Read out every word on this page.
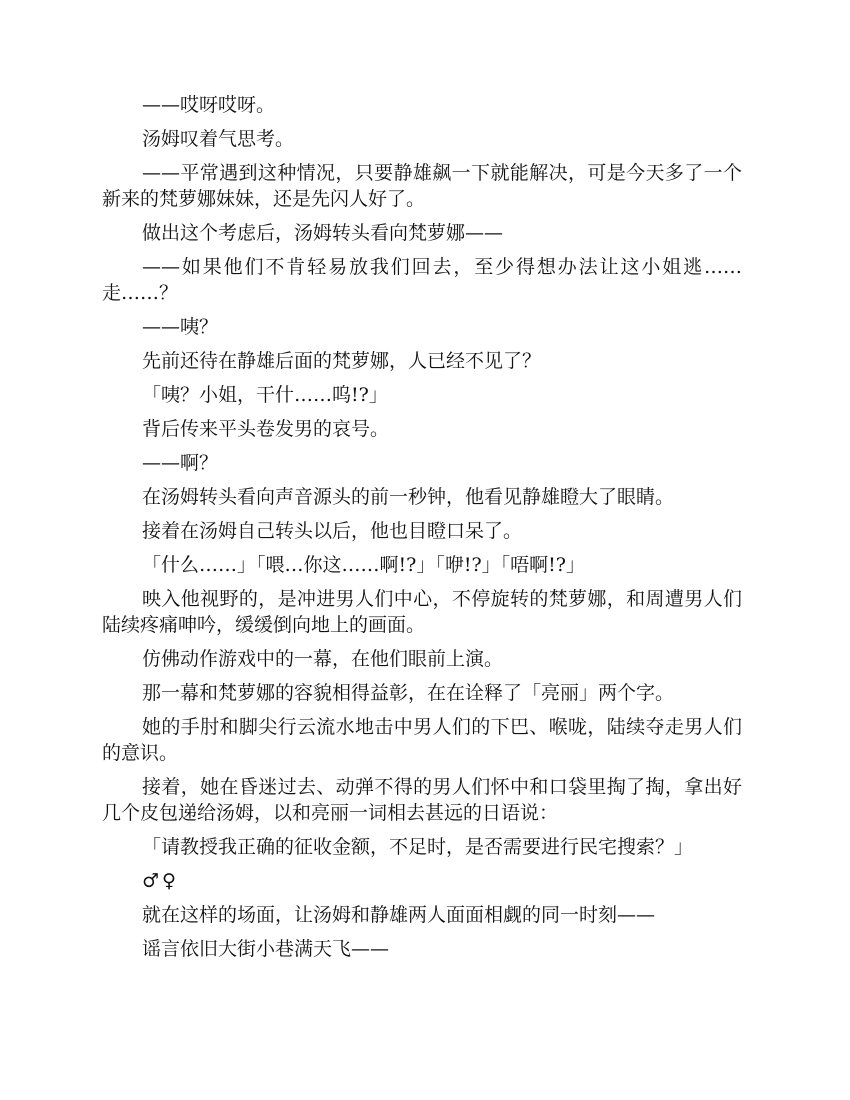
——哎呀哎呀。

汤姆叹着气思考。

——平常遇到这种情况，只要静雄飙一下就能解决，可是今天多了一个新来的梵萝娜妹妹，还是先闪人好了。

做出这个考虑后，汤姆转头看向梵萝娜——

——如果他们不肯轻易放我们回去，至少得想办法让这小姐逃……走……？

——咦？

先前还待在静雄后面的梵萝娜，人已经不见了？

「咦？小姐，干什……呜!?」

背后传来平头卷发男的哀号。

——啊？

在汤姆转头看向声音源头的前一秒钟，他看见静雄瞪大了眼睛。

接着在汤姆自己转头以后，他也目瞪口呆了。

「什么……」「喂…你这……啊!?」「咿!?」「唔啊!?」

映入他视野的，是冲进男人们中心，不停旋转的梵萝娜，和周遭男人们陆续疼痛呻吟，缓缓倒向地上的画面。

仿佛动作游戏中的一幕，在他们眼前上演。

那一幕和梵萝娜的容貌相得益彰，在在诠释了「亮丽」两个字。

她的手肘和脚尖行云流水地击中男人们的下巴、喉咙，陆续夺走男人们的意识。

接着，她在昏迷过去、动弹不得的男人们怀中和口袋里掏了掏，拿出好几个皮包递给汤姆，以和亮丽一词相去甚远的日语说：

「请教授我正确的征收金额，不足时，是否需要进行民宅搜索？」

♂♀

就在这样的场面，让汤姆和静雄两人面面相觑的同一时刻——

谣言依旧大街小巷满天飞——
